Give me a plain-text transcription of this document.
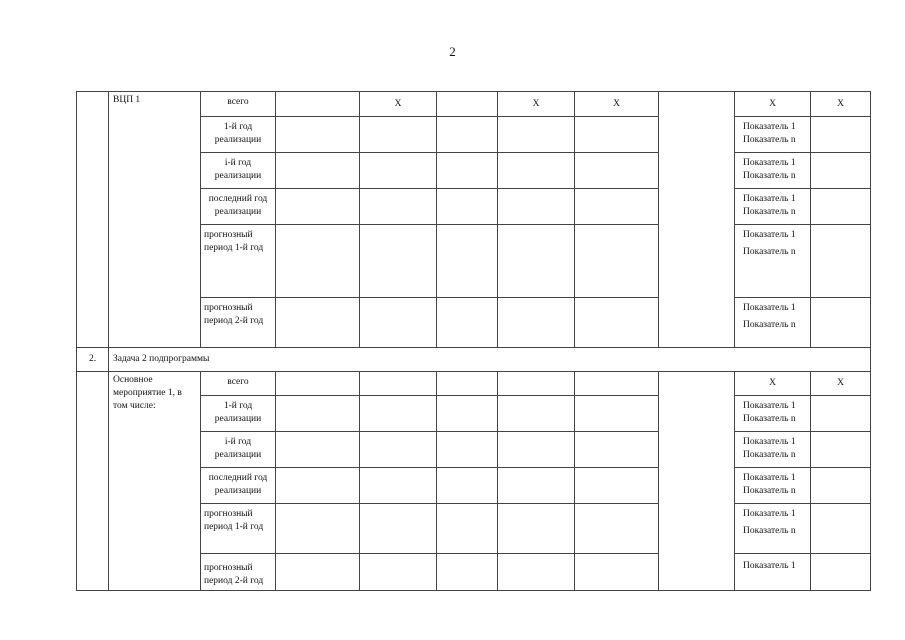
2
	ВЦП 1	всего		X		X	X		X	X

		1-й год
реализации							Показатель 1
Показатель n	

		i-й год
реализации							Показатель 1
Показатель n	

		последний год
реализации							Показатель 1
Показатель n	

		прогнозный
период 1-й год							Показатель 1
Показатель n	

		прогнозный
период 2-й год							Показатель 1
Показатель n	

2.	Задача 2 подпрограммы									
	Основное мероприятие 1, в том числе:	всего							X	X

		1-й год
реализации							Показатель 1
Показатель n	

		i-й год
реализации							Показатель 1
Показатель n	

		последний год
реализации							Показатель 1
Показатель n	

		прогнозный
период 1-й год							Показатель 1
Показатель n	

		прогнозный
период 2-й год							Показатель 1	
